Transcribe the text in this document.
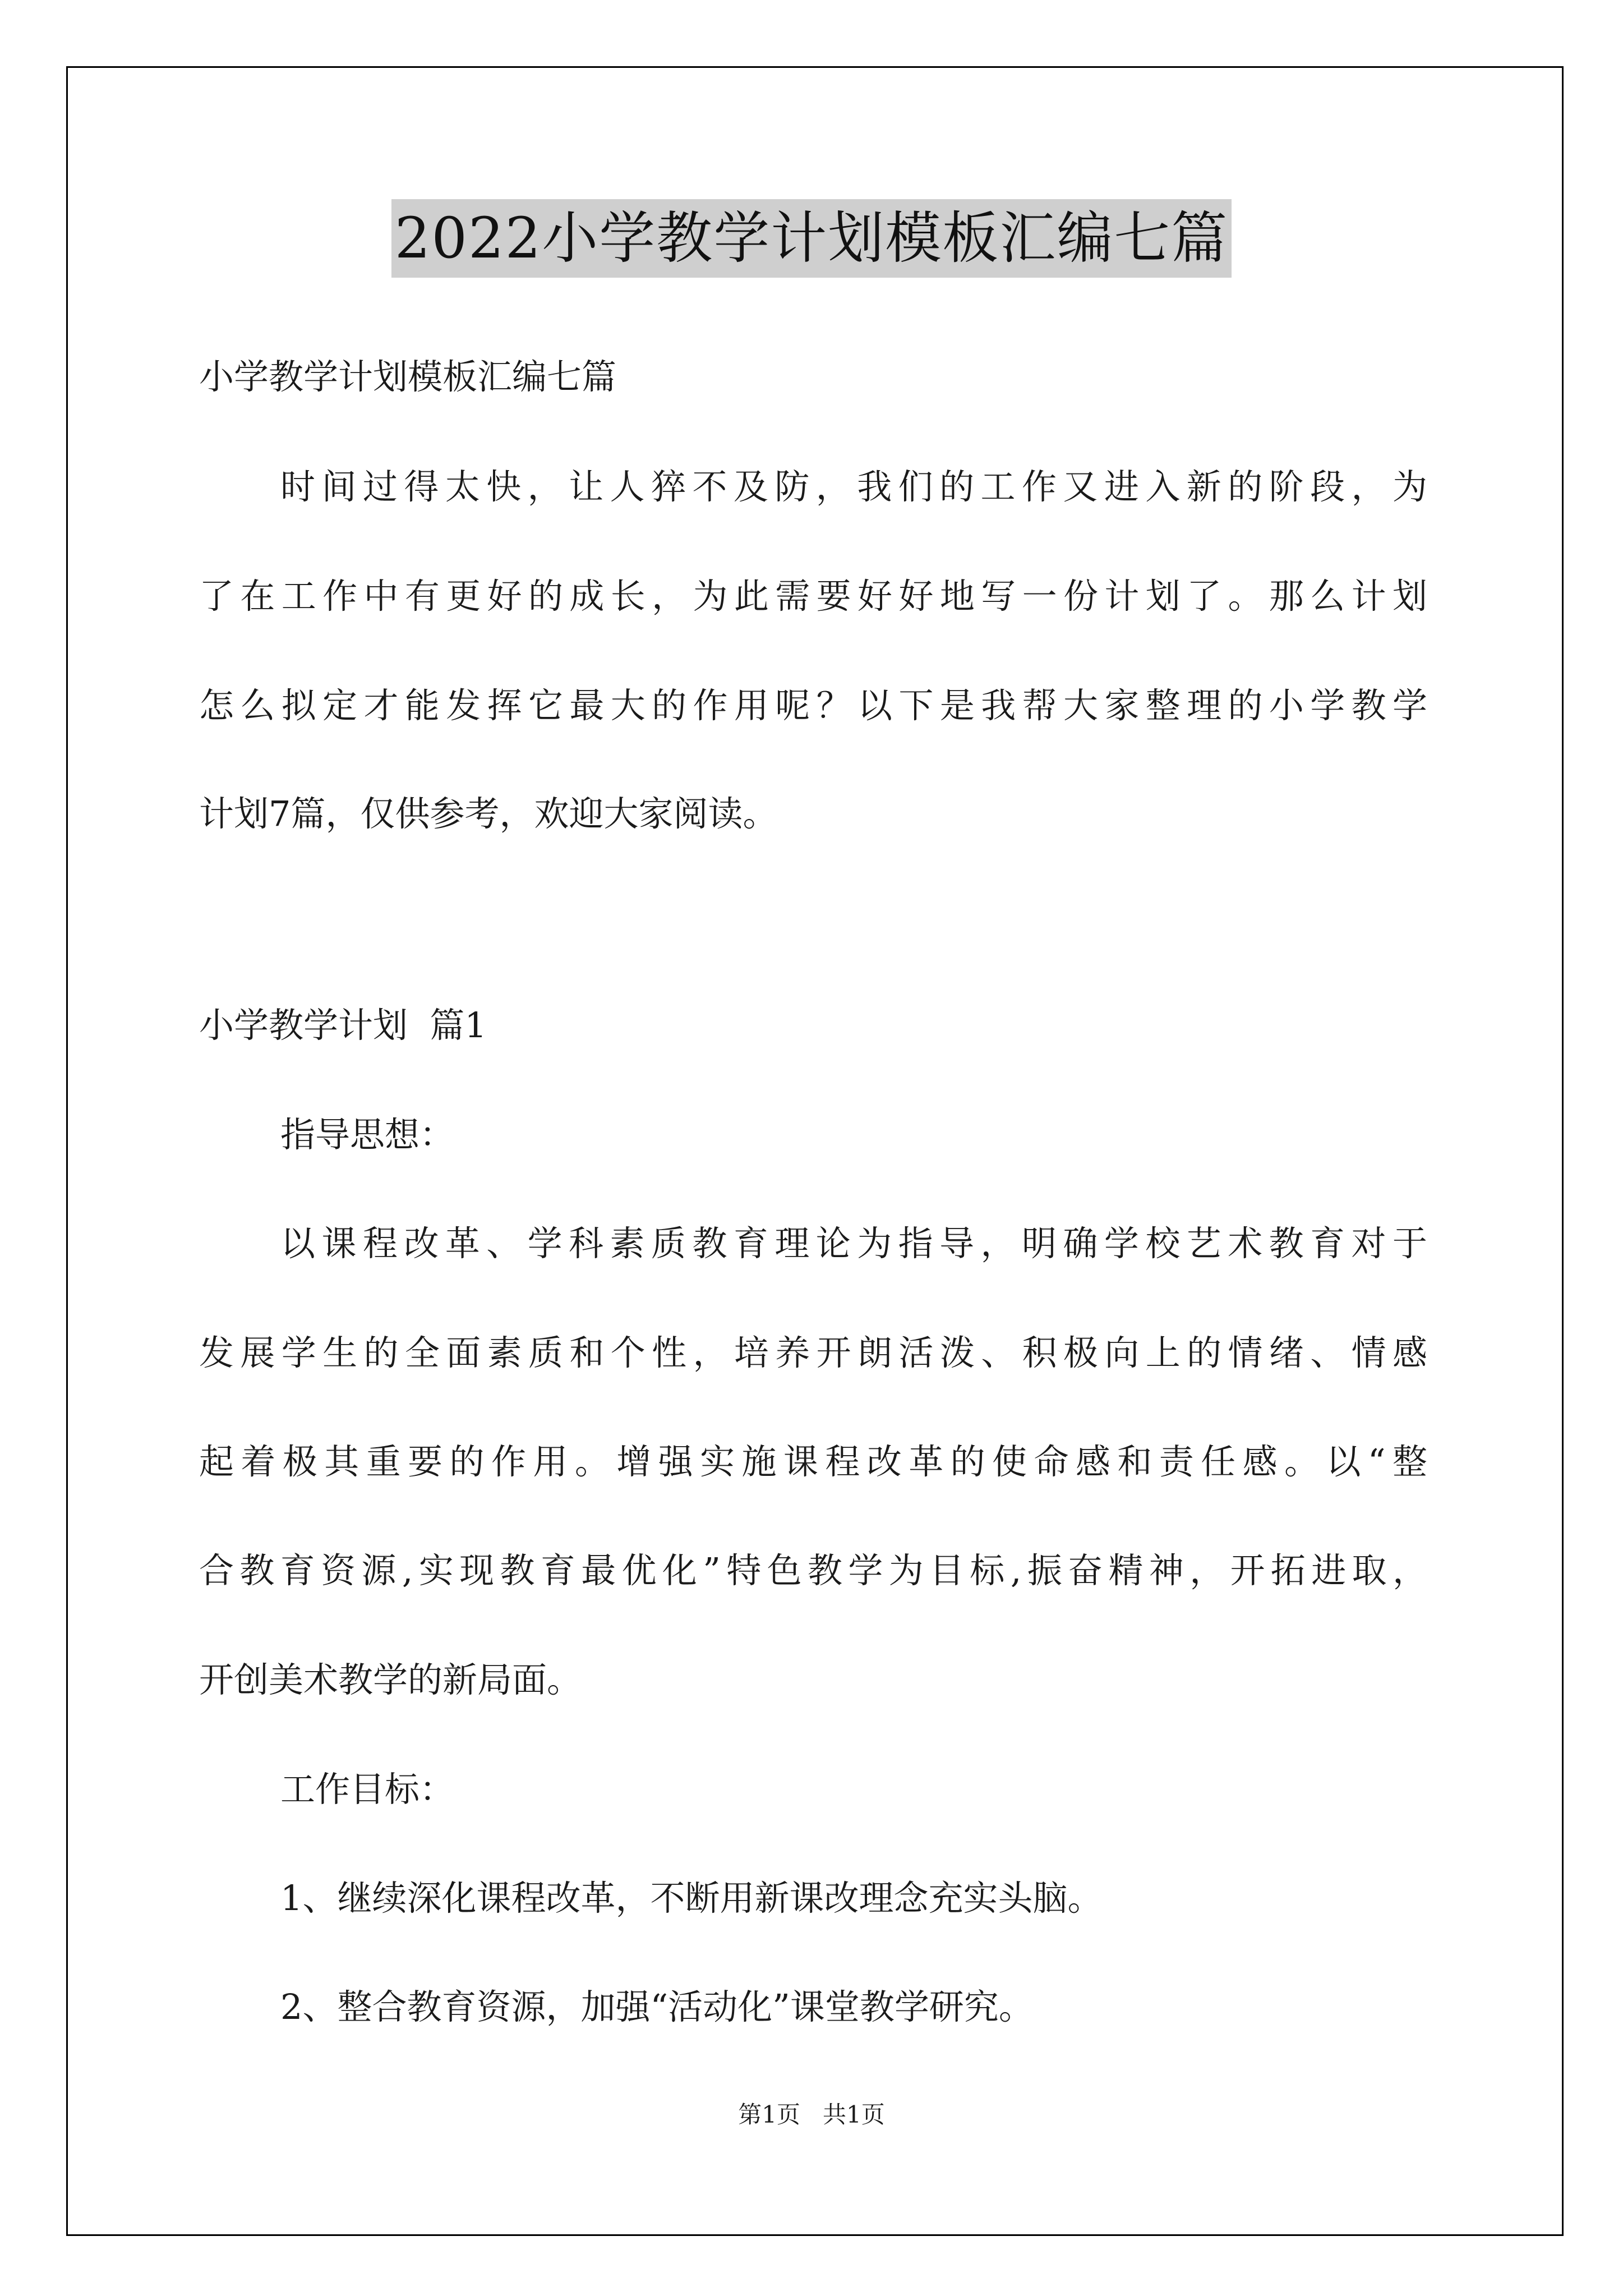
2022小学教学计划模板汇编七篇
小学教学计划模板汇编七篇
时间过得太快，让人猝不及防，我们的工作又进入新的阶段，为
了在工作中有更好的成长，为此需要好好地写一份计划了。那么计划
怎么拟定才能发挥它最大的作用呢？以下是我帮大家整理的小学教学
计划7篇，仅供参考，欢迎大家阅读。
小学教学计划  篇1
指导思想：
以课程改革、学科素质教育理论为指导，明确学校艺术教育对于
发展学生的全面素质和个性，培养开朗活泼、积极向上的情绪、情感
起着极其重要的作用。增强实施课程改革的使命感和责任感。以“整
合教育资源,实现教育最优化”特色教学为目标,振奋精神，开拓进取，
开创美术教学的新局面。
工作目标：
1、继续深化课程改革，不断用新课改理念充实头脑。
2、整合教育资源，加强“活动化”课堂教学研究。
第1页   共1页
